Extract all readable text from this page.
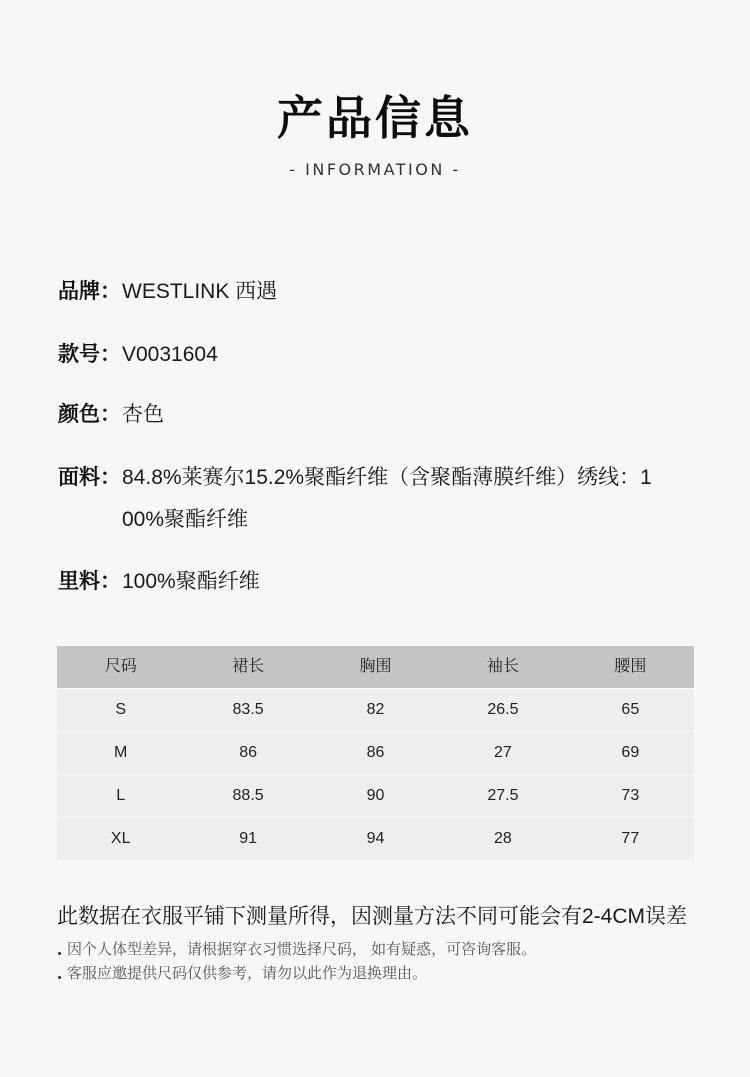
产品信息
- INFORMATION -
品牌： WESTLINK 西遇
款号： V0031604
颜色： 杏色
面料： 84.8%莱赛尔15.2%聚酯纤维（含聚酯薄膜纤维）绣线：1
00%聚酯纤维
里料： 100%聚酯纤维
尺码	裙长	胸围	袖长	腰围
S	83.5	82	26.5	65
M	86	86	27	69
L	88.5	90	27.5	73
XL	91	94	28	77
此数据在衣服平铺下测量所得，因测量方法不同可能会有2-4CM误差
因个人体型差异，请根据穿衣习惯选择尺码， 如有疑惑，可咨询客服。
客服应邀提供尺码仅供参考，请勿以此作为退换理由。
